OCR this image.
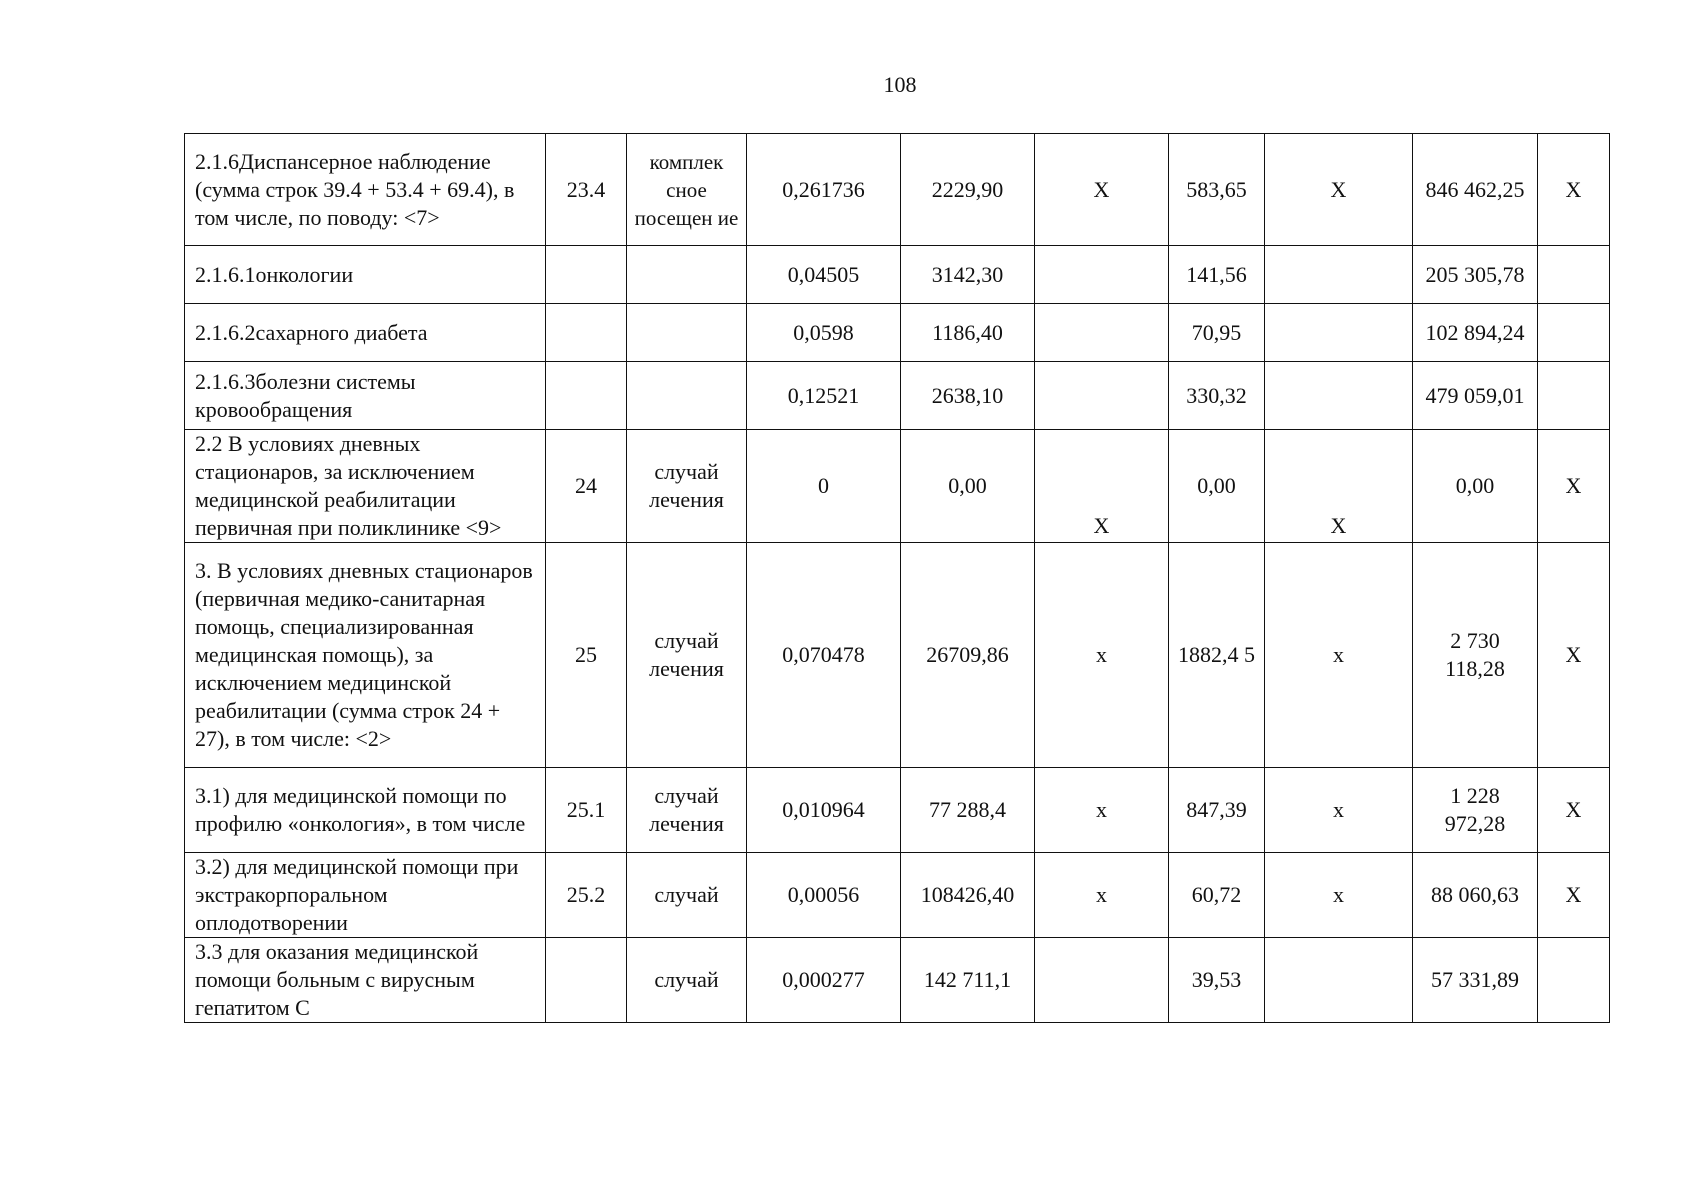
108
2.1.6Диспансерное наблюдение (сумма строк 39.4 + 53.4 + 69.4), в том числе, по поводу: <7>	23.4	комплек сное посещен ие	0,261736	2229,90	Х	583,65	Х	846 462,25	Х
2.1.6.1онкологии			0,04505	3142,30		141,56		205 305,78	
2.1.6.2сахарного диабета			0,0598	1186,40		70,95		102 894,24	
2.1.6.3болезни системы кровообращения			0,12521	2638,10		330,32		479 059,01	
2.2 В условиях дневных стационаров, за исключением медицинской реабилитации первичная при поликлинике <9>	24	случай лечения	0	0,00	Х	0,00	Х	0,00	Х
3. В условиях дневных стационаров (первичная медико-санитарная помощь, специализированная медицинская помощь), за исключением медицинской реабилитации (сумма строк 24 + 27), в том числе: <2>	25	случай лечения	0,070478	26709,86	х	1882,4 5	х	2 730 118,28	Х
3.1) для медицинской помощи по профилю «онкология», в том числе	25.1	случай лечения	0,010964	77 288,4	х	847,39	х	1 228 972,28	Х
3.2) для медицинской помощи при экстракорпоральном оплодотворении	25.2	случай	0,00056	108426,40	х	60,72	х	88 060,63	Х
3.3 для оказания медицинской помощи больным с вирусным гепатитом С		случай	0,000277	142 711,1		39,53		57 331,89	
